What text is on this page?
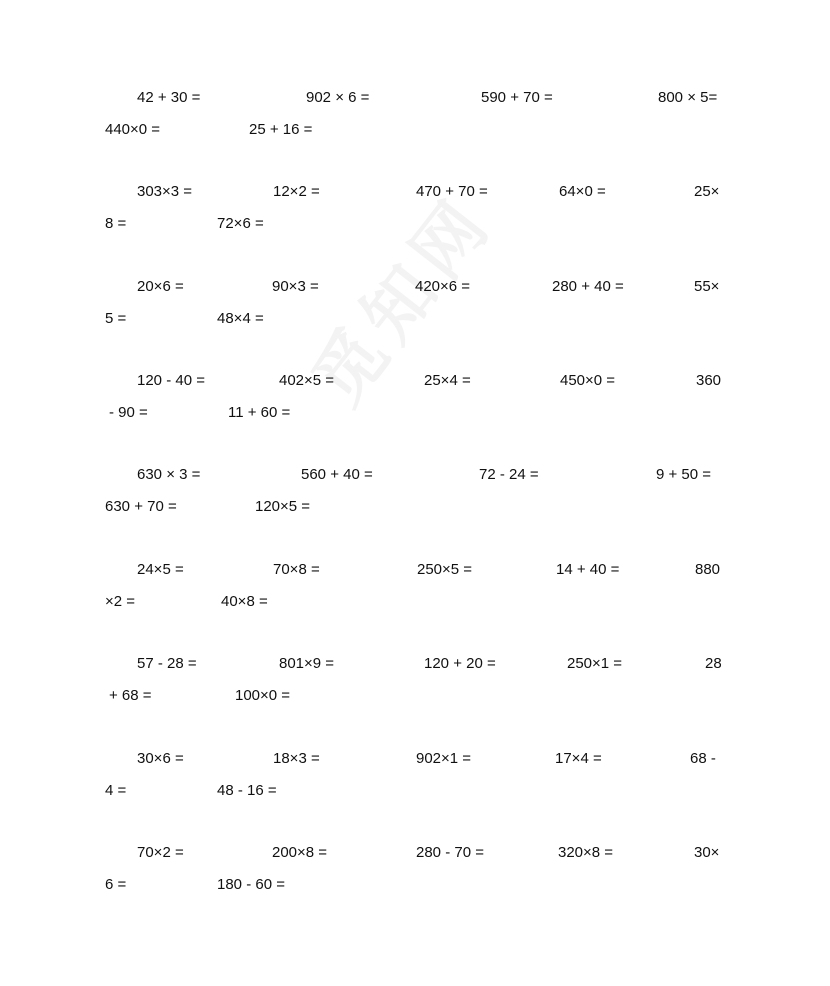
42 + 30 =	902 × 6 =	590 + 70 =	800 × 5=
440×0 =	25 + 16 =
303×3 =	12×2 =	470 + 70 =	64×0 =	25×
8 =	72×6 =
20×6 =	90×3 =	420×6 =	280 + 40 =	55×
5 =	48×4 =
120 - 40 =	402×5 =	25×4 =	450×0 =	360
- 90 =	11 + 60 =
630 × 3 =	560 + 40 =	72 - 24 =	9 + 50 =
630 + 70 =	120×5 =
24×5 =	70×8 =	250×5 =	14 + 40 =	880
×2 =	40×8 =
57 - 28 =	801×9 =	120 + 20 =	250×1 =	28
+ 68 =	100×0 =
30×6 =	18×3 =	902×1 =	17×4 =	68 -
4 =	48 - 16 =
70×2 =	200×8 =	280 - 70 =	320×8 =	30×
6 =	180 - 60 =
